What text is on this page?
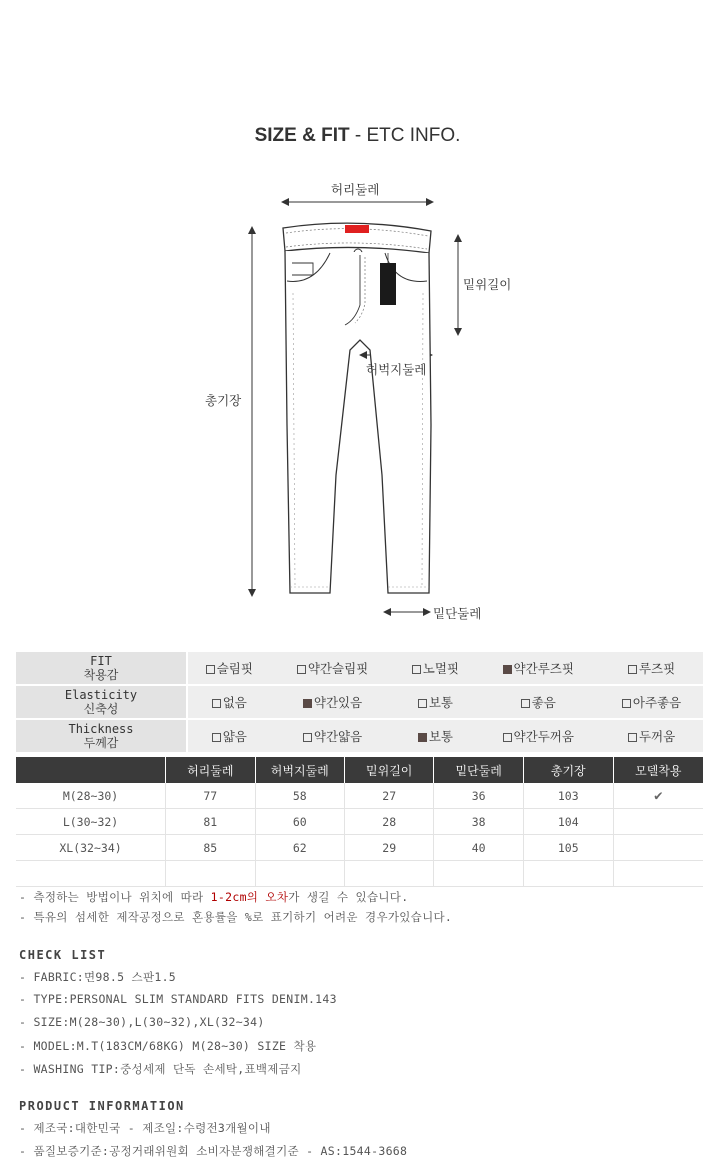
SIZE & FIT - ETC INFO.
허리둘레
밑위길이
허벅지둘레
총기장
밑단둘레
FIT
착용감	슬림핏	약간슬림핏	노멀핏	약간루즈핏	루즈핏

Elasticity
신축성	없음	약간있음	보통	좋음	아주좋음

Thickness
두께감	얇음	약간얇음	보통	약간두꺼움	두꺼움
	허리둘레	허벅지둘레	밑위길이	밑단둘레	총기장	모델착용
M(28~30)	77	58	27	36	103	✔
L(30~32)	81	60	28	38	104	
XL(32~34)	85	62	29	40	105	

- 측정하는 방법이나 위치에 따라 1-2cm의 오차가 생길 수 있습니다.
- 특유의 섬세한 제작공정으로 혼용률을 %로 표기하기 어려운 경우가있습니다.
CHECK LIST
- FABRIC:면98.5 스판1.5
- TYPE:PERSONAL SLIM STANDARD FITS DENIM.143
- SIZE:M(28~30),L(30~32),XL(32~34)
- MODEL:M.T(183CM/68KG) M(28~30) SIZE 착용
- WASHING TIP:중성세제 단독 손세탁,표백제금지
PRODUCT INFORMATION
- 제조국:대한민국 - 제조일:수령전3개월이내
- 품질보증기준:공정거래위원회 소비자분쟁해결기준 - AS:1544-3668
